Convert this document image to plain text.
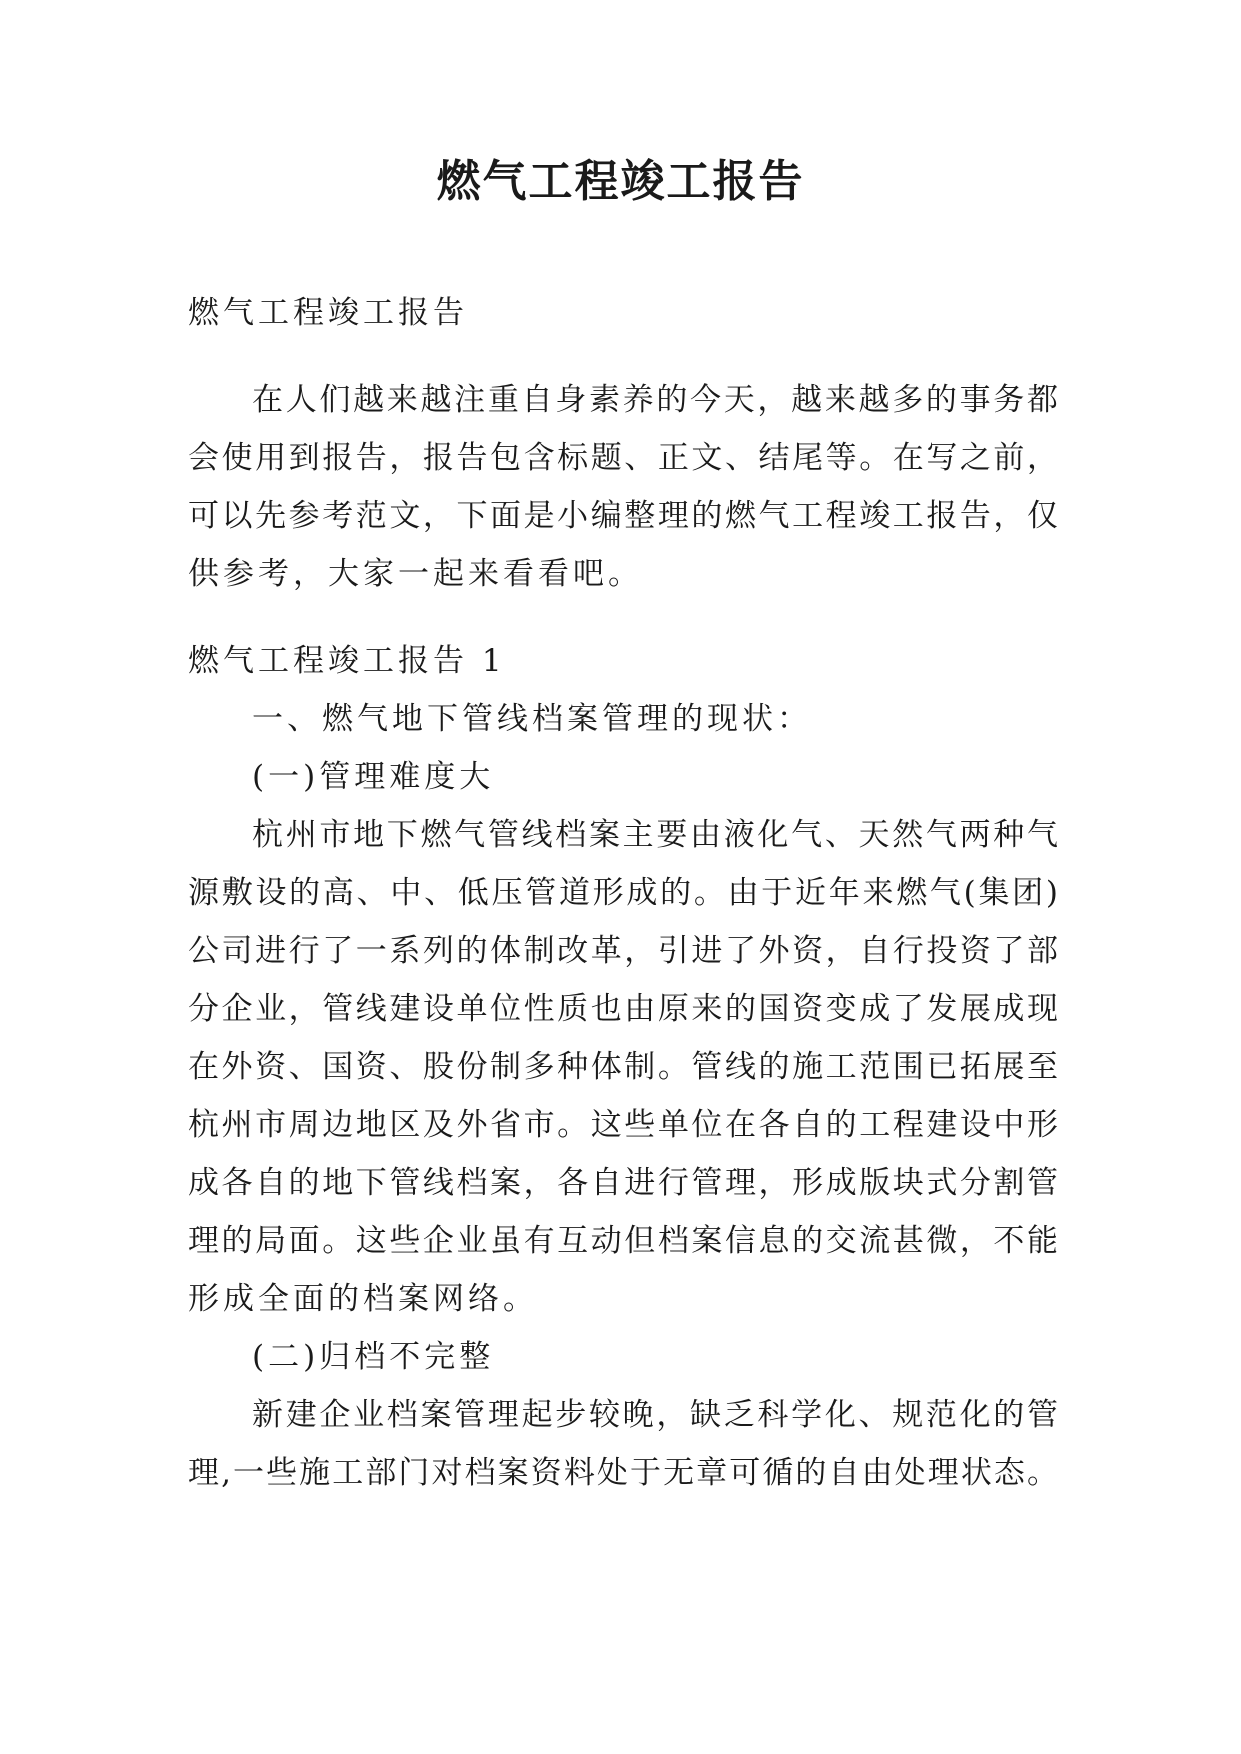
燃气工程竣工报告

燃气工程竣工报告

在人们越来越注重自身素养的今天，越来越多的事务都

会使用到报告，报告包含标题、正文、结尾等。在写之前，

可以先参考范文，下面是小编整理的燃气工程竣工报告，仅

供参考，大家一起来看看吧。

燃气工程竣工报告 1

一、燃气地下管线档案管理的现状：

(一)管理难度大

杭州市地下燃气管线档案主要由液化气、天然气两种气

源敷设的高、中、低压管道形成的。由于近年来燃气(集团)

公司进行了一系列的体制改革，引进了外资，自行投资了部

分企业，管线建设单位性质也由原来的国资变成了发展成现

在外资、国资、股份制多种体制。管线的施工范围已拓展至

杭州市周边地区及外省市。这些单位在各自的工程建设中形

成各自的地下管线档案，各自进行管理，形成版块式分割管

理的局面。这些企业虽有互动但档案信息的交流甚微，不能

形成全面的档案网络。

(二)归档不完整

新建企业档案管理起步较晚，缺乏科学化、规范化的管

理,一些施工部门对档案资料处于无章可循的自由处理状态。
